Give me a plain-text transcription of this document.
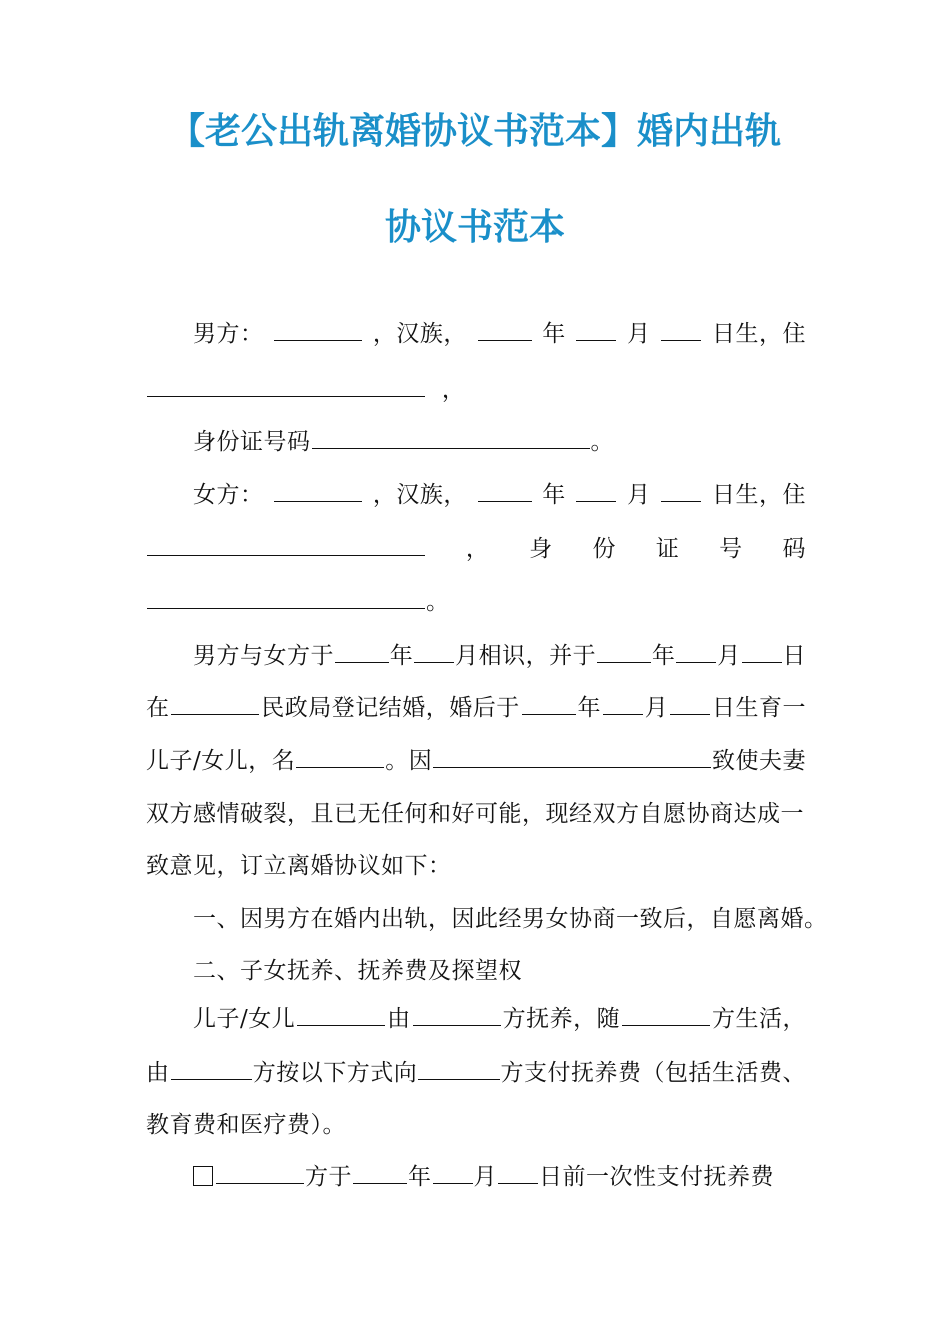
【老公出轨离婚协议书范本】婚内出轨
协议书范本
男方：	，汉族，	年	月	日生，住
，
身份证号码	。
女方：	，汉族，	年	月	日生，住
， 身 份 证 号 码
。
男方与女方于 年 月相识，并于 年 月 日
在	民政局登记结婚，婚后于	年 月 日生育一
儿子/女儿，名	。因	致使夫妻
双方感情破裂，且已无任何和好可能，现经双方自愿协商达成一
致意见，订立离婚协议如下：
一、因男方在婚内出轨，因此经男女协商一致后，自愿离婚。
二、子女抚养、抚养费及探望权
儿子/女儿	由	方抚养，随	方生活，
由	方按以下方式向	方支付抚养费（包括生活费、
教育费和医疗费）。
方于 年 月 日前一次性支付抚养费
